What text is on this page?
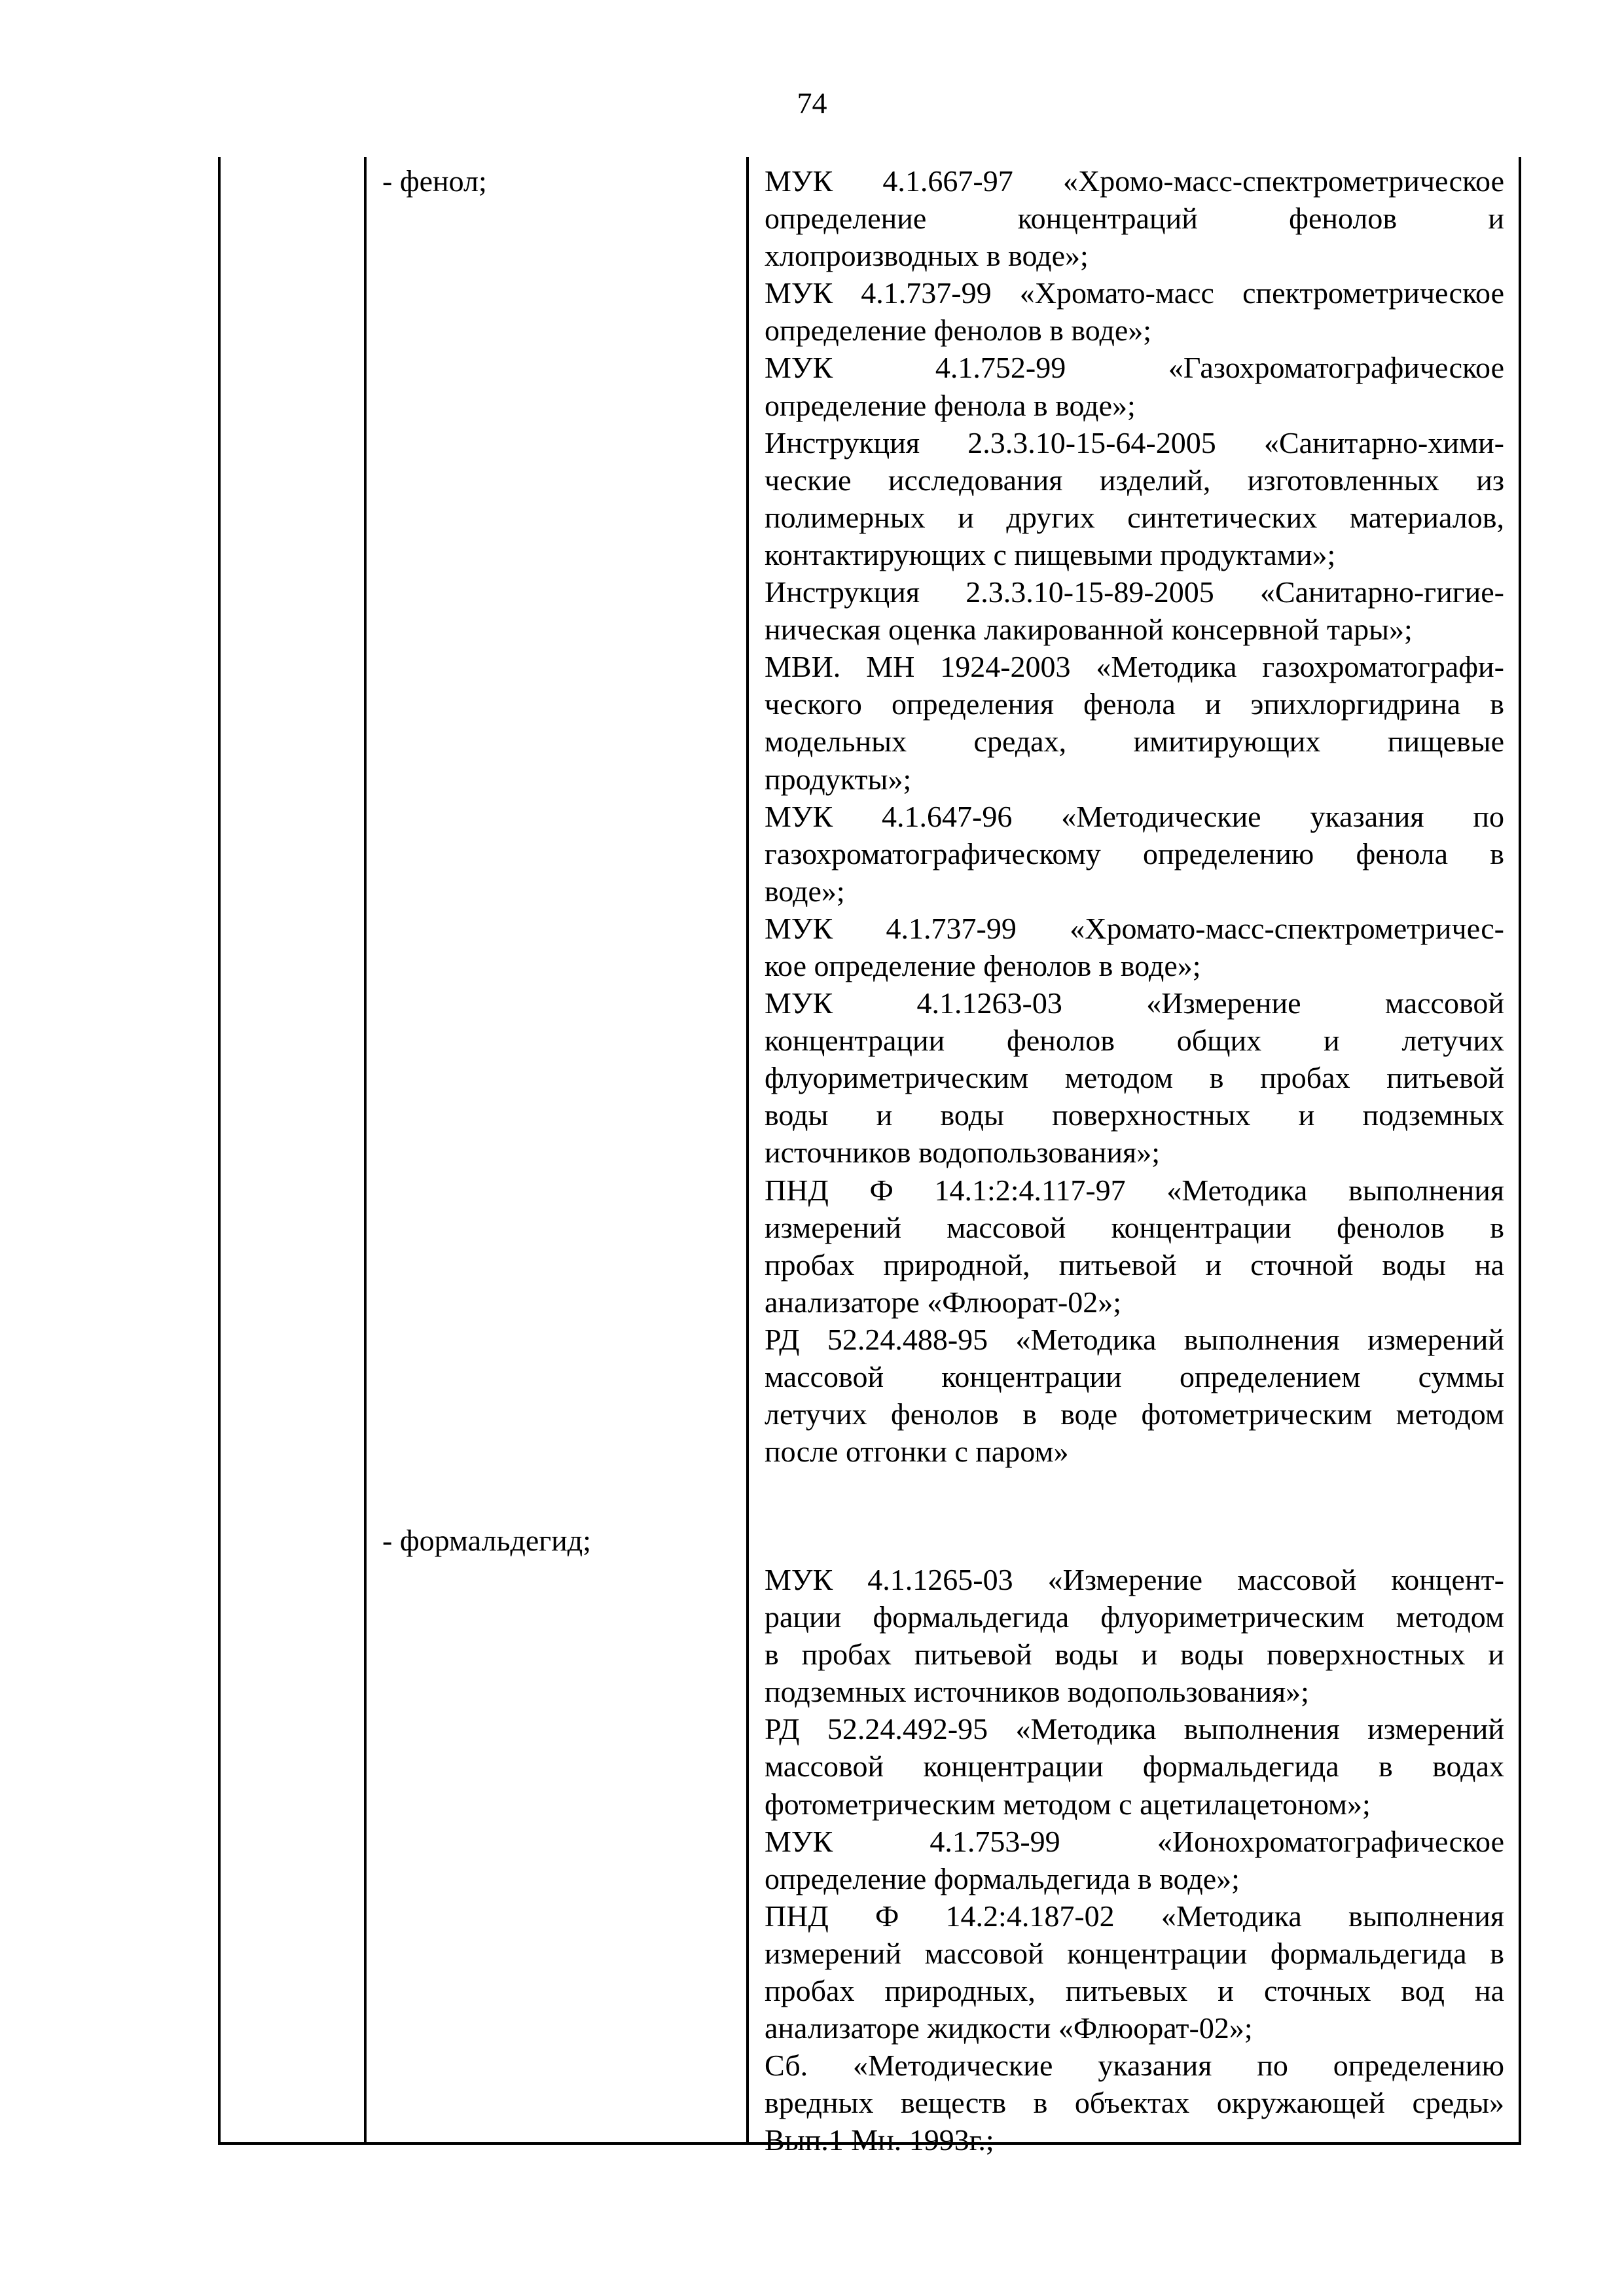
74
- фенол;	МУК 4.1.667-97 «Хромо-масс-спектрометрическое
определение концентраций фенолов и
хлопроизводных в воде»;
МУК 4.1.737-99 «Хромато-масс спектрометрическое
определение фенолов в воде»;
МУК 4.1.752-99 «Газохроматографическое
определение фенола в воде»;
Инструкция 2.3.3.10-15-64-2005 «Санитарно-хими-
ческие исследования изделий, изготовленных из
полимерных и других синтетических материалов,
контактирующих с пищевыми продуктами»;
Инструкция 2.3.3.10-15-89-2005 «Санитарно-гигие-
ническая оценка лакированной консервной тары»;
МВИ. МН 1924-2003 «Методика газохроматографи-
ческого определения фенола и эпихлоргидрина в
модельных средах, имитирующих пищевые
продукты»;
МУК 4.1.647-96 «Методические указания по
газохроматографическому определению фенола в
воде»;
МУК 4.1.737-99 «Хромато-масс-спектрометричес-
кое определение фенолов в воде»;
МУК 4.1.1263-03 «Измерение массовой
концентрации фенолов общих и летучих
флуориметрическим методом в пробах питьевой
воды и воды поверхностных и подземных
источников водопользования»;
ПНД Ф 14.1:2:4.117-97 «Методика выполнения
измерений массовой концентрации фенолов в
пробах природной, питьевой и сточной воды на
анализаторе «Флюорат-02»;
РД 52.24.488-95 «Методика выполнения измерений
массовой концентрации определением суммы
летучих фенолов в воде фотометрическим методом
после отгонки с паром»
- формальдегид;
МУК 4.1.1265-03 «Измерение массовой концент-
рации формальдегида флуориметрическим методом
в пробах питьевой воды и воды поверхностных и
подземных источников водопользования»;
РД 52.24.492-95 «Методика выполнения измерений
массовой концентрации формальдегида в водах
фотометрическим методом с ацетилацетоном»;
МУК 4.1.753-99 «Ионохроматографическое
определение формальдегида в воде»;
ПНД Ф 14.2:4.187-02 «Методика выполнения
измерений массовой концентрации формальдегида в
пробах природных, питьевых и сточных вод на
анализаторе жидкости «Флюорат-02»;
Сб. «Методические указания по определению
вредных веществ в объектах окружающей среды»
Вып.1 Мн. 1993г.;
